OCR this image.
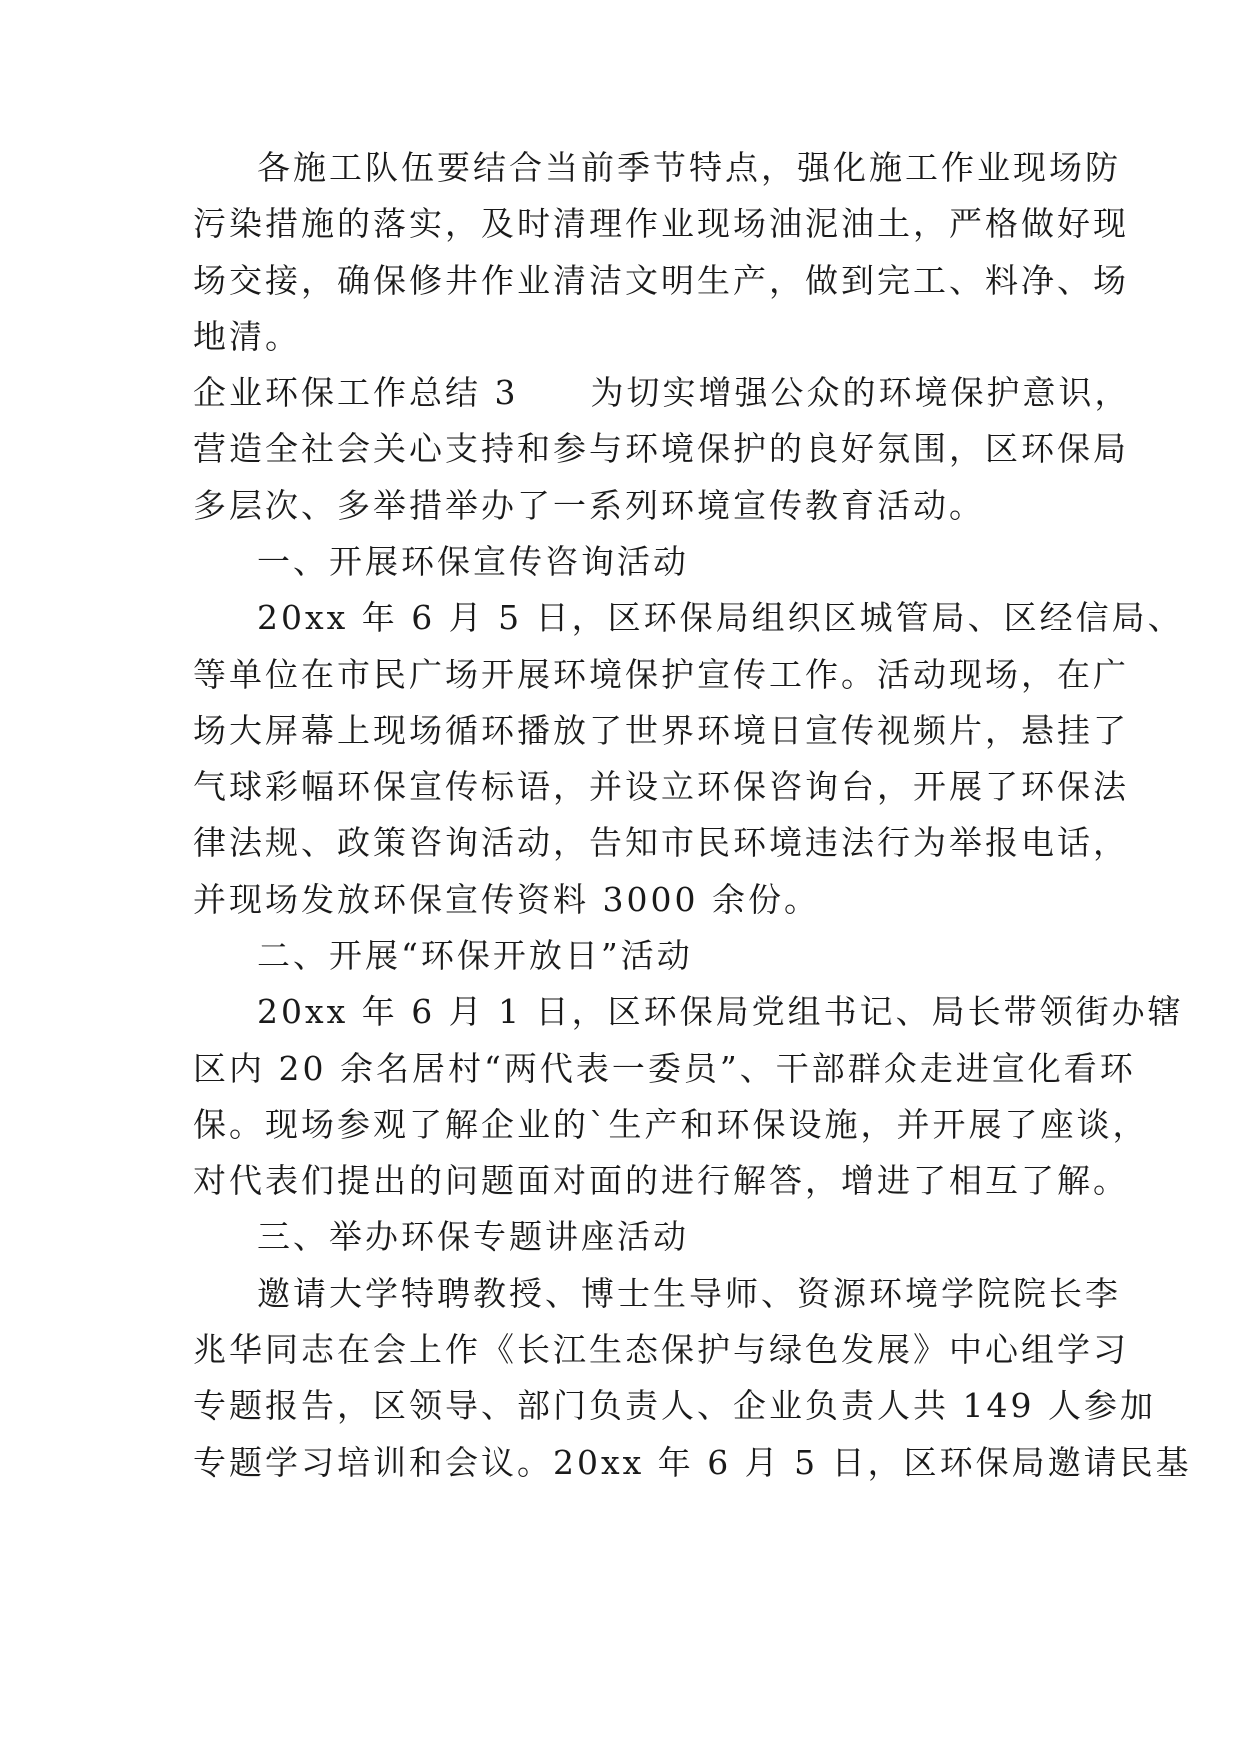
各施工队伍要结合当前季节特点，强化施工作业现场防
污染措施的落实，及时清理作业现场油泥油土，严格做好现
场交接，确保修井作业清洁文明生产，做到完工、料净、场
地清。
企业环保工作总结 3　　为切实增强公众的环境保护意识，
营造全社会关心支持和参与环境保护的良好氛围，区环保局
多层次、多举措举办了一系列环境宣传教育活动。
一、开展环保宣传咨询活动
20xx 年 6 月 5 日，区环保局组织区城管局、区经信局、
等单位在市民广场开展环境保护宣传工作。活动现场，在广
场大屏幕上现场循环播放了世界环境日宣传视频片，悬挂了
气球彩幅环保宣传标语，并设立环保咨询台，开展了环保法
律法规、政策咨询活动，告知市民环境违法行为举报电话，
并现场发放环保宣传资料 3000 余份。
二、开展“环保开放日”活动
20xx 年 6 月 1 日，区环保局党组书记、局长带领街办辖
区内 20 余名居村“两代表一委员”、干部群众走进宣化看环
保。现场参观了解企业的`生产和环保设施，并开展了座谈，
对代表们提出的问题面对面的进行解答，增进了相互了解。
三、举办环保专题讲座活动
邀请大学特聘教授、博士生导师、资源环境学院院长李
兆华同志在会上作《长江生态保护与绿色发展》中心组学习
专题报告，区领导、部门负责人、企业负责人共 149 人参加
专题学习培训和会议。20xx 年 6 月 5 日，区环保局邀请民基
